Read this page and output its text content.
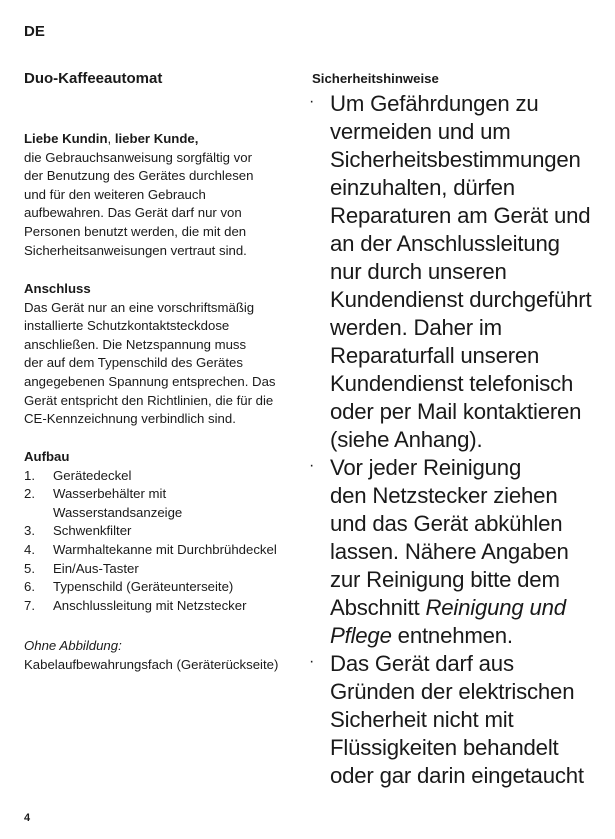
DE
Duo-Kaffeeautomat
Liebe Kundin, lieber Kunde,
die Gebrauchsanweisung sorgfältig vor
der Benutzung des Gerätes durchlesen
und für den weiteren Gebrauch
aufbewahren. Das Gerät darf nur von
Personen benutzt werden, die mit den
Sicherheitsanweisungen vertraut sind.
Anschluss
Das Gerät nur an eine vorschriftsmäßig
installierte Schutzkontaktsteckdose
anschließen. Die Netzspannung muss
der auf dem Typenschild des Gerätes
angegebenen Spannung entsprechen. Das
Gerät entspricht den Richtlinien, die für die
CE-Kennzeichnung verbindlich sind.
Aufbau
1.	Gerätedeckel
2.	Wasserbehälter mit
Wasserstandsanzeige
3.	Schwenkfilter
4.	Warmhaltekanne mit Durchbrühdeckel
5.	Ein/Aus-Taster
6.	Typenschild (Geräteunterseite)
7.	Anschlussleitung mit Netzstecker
Ohne Abbildung:
Kabelaufbewahrungsfach (Geräterückseite)
Sicherheitshinweise
· Um Gefährdungen zu
vermeiden und um
Sicherheitsbestimmungen
einzuhalten, dürfen
Reparaturen am Gerät und
an der Anschlussleitung
nur durch unseren
Kundendienst durchgeführt
werden. Daher im
Reparaturfall unseren
Kundendienst telefonisch
oder per Mail kontaktieren
(siehe Anhang).
· Vor jeder Reinigung
den Netzstecker ziehen
und das Gerät abkühlen
lassen. Nähere Angaben
zur Reinigung bitte dem
Abschnitt Reinigung und
Pflege entnehmen.
· Das Gerät darf aus
Gründen der elektrischen
Sicherheit nicht mit
Flüssigkeiten behandelt
oder gar darin eingetaucht
4
